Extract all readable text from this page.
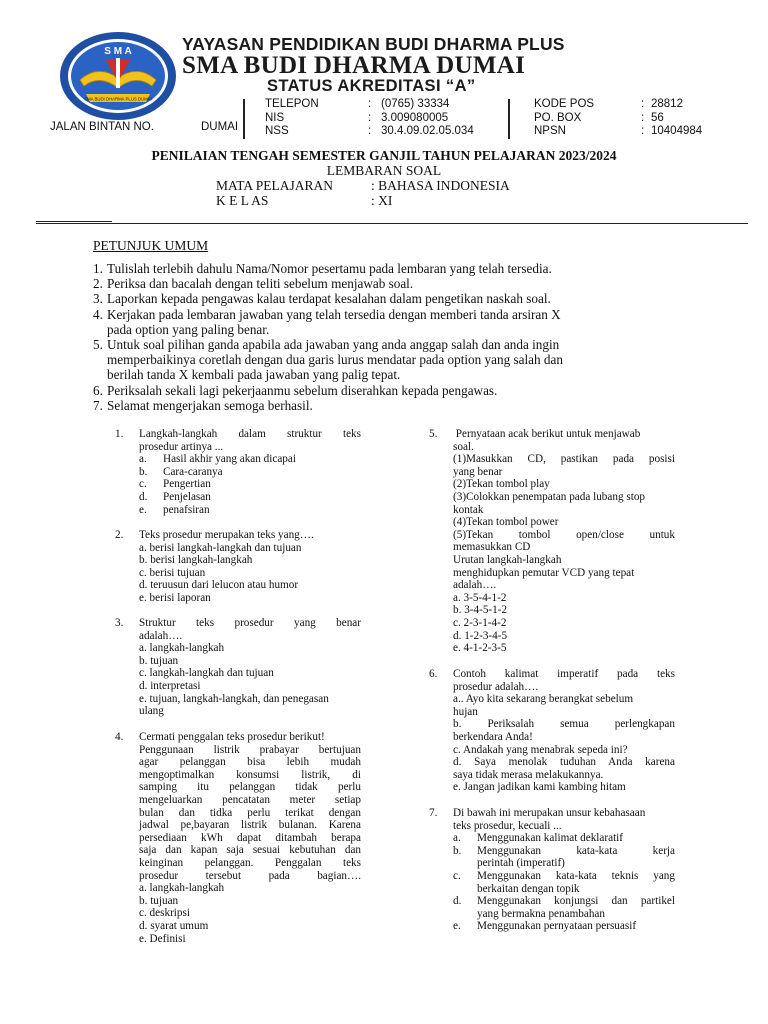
S M A
SMA BUDI DHARMA PLUS DUMAI
YAYASAN PENDIDIKAN BUDI DHARMA PLUS
SMA BUDI DHARMA DUMAI
STATUS AKREDITASI “A”
JALAN BINTAN NO.	DUMAI
TELEPON	: (0765) 33334
NIS	: 3.009080005
NSS	: 30.4.09.02.05.034
KODE POS	: 28812
PO. BOX	: 56
NPSN	: 10404984
PENILAIAN TENGAH SEMESTER GANJIL TAHUN PELAJARAN 2023/2024
LEMBARAN SOAL
MATA PELAJARAN	: BAHASA INDONESIA
K E L AS	: XI
PETUNJUK UMUM
1. Tulislah terlebih dahulu Nama/Nomor pesertamu pada lembaran yang telah tersedia.
2. Periksa dan bacalah dengan teliti sebelum menjawab soal.
3. Laporkan kepada pengawas kalau terdapat kesalahan dalam pengetikan naskah soal.
4. Kerjakan pada lembaran jawaban yang telah tersedia dengan memberi tanda arsiran X
pada option yang paling benar.
5. Untuk soal pilihan ganda apabila ada jawaban yang anda anggap salah dan anda ingin
memperbaikinya coretlah dengan dua garis lurus mendatar pada option yang salah dan
berilah tanda X kembali pada jawaban yang palig tepat.
6. Periksalah sekali lagi pekerjaanmu sebelum diserahkan kepada pengawas.
7. Selamat mengerjakan semoga berhasil.
1. Langkah-langkah dalam struktur teks
prosedur artinya ...
a. Hasil akhir yang akan dicapai
b. Cara-caranya
c. Pengertian
d. Penjelasan
e. penafsiran
2. Teks prosedur merupakan teks yang….
a. berisi langkah-langkah dan tujuan
b. berisi langkah-langkah
c. berisi tujuan
d. teruusun dari lelucon atau humor
e. berisi laporan
3. Struktur teks prosedur yang benar
adalah….
a. langkah-langkah
b. tujuan
c. langkah-langkah dan tujuan
d. interpretasi
e. tujuan, langkah-langkah, dan penegasan
ulang
4. Cermati penggalan teks prosedur berikut!
Penggunaan listrik prabayar bertujuan
agar pelanggan bisa lebih mudah
mengoptimalkan konsumsi listrik, di
samping itu pelanggan tidak perlu
mengeluarkan pencatatan meter setiap
bulan dan tidka perlu terikat dengan
jadwal pe,bayaran listrik bulanan. Karena
persediaan kWh dapat ditambah berapa
saja dan kapan saja sesuai kebutuhan dan
keinginan pelanggan. Penggalan teks
prosedur tersebut pada bagian….
a. langkah-langkah
b. tujuan
c. deskripsi
d. syarat umum
e. Definisi
5. Pernyataan acak berikut untuk menjawab
soal.
(1)Masukkan CD, pastikan pada posisi
yang benar
(2)Tekan tombol play
(3)Colokkan penempatan pada lubang stop
kontak
(4)Tekan tombol power
(5)Tekan tombol open/close untuk
memasukkan CD
Urutan langkah-langkah
menghidupkan pemutar VCD yang tepat
adalah….
a. 3-5-4-1-2
b. 3-4-5-1-2
c. 2-3-1-4-2
d. 1-2-3-4-5
e. 4-1-2-3-5
6. Contoh kalimat imperatif pada teks
prosedur adalah….
a.. Ayo kita sekarang berangkat sebelum
hujan
b. Periksalah semua perlengkapan
berkendara Anda!
c. Andakah yang menabrak sepeda ini?
d. Saya menolak tuduhan Anda karena
saya tidak merasa melakukannya.
e. Jangan jadikan kami kambing hitam
7. Di bawah ini merupakan unsur kebahasaan
teks prosedur, kecuali ...
a. Menggunakan kalimat deklaratif
b. Menggunakan kata-kata kerja
perintah (imperatif)
c. Menggunakan kata-kata teknis yang
berkaitan dengan topik
d. Menggunakan konjungsi dan partikel
yang bermakna penambahan
e. Menggunakan pernyataan persuasif
